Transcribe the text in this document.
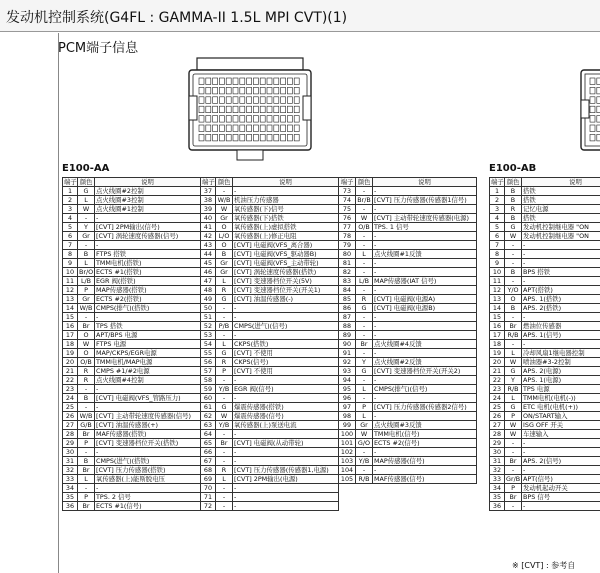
发动机控制系统(G4FL : GAMMA-II 1.5L MPI CVT)(1)
PCM端子信息
E100-AA	E100-AB
端子	颜色	说明	端子	颜色	说明	端子	颜色	说明
1	G	点火线圈#2控制	37	-	-	73	-	-
2	L	点火线圈#3控制	38	W/B	机油压力传感器	74	Br/B	[CVT] 压力传感器(传感器1信号)
3	W	点火线圈#1控制	39	W	氧传感器(下)信号	75	-	-
4	-	-	40	Gr	氧传感器(下)搭铁	76	W	[CVT] 主动带轮速度传感器(电源)
5	Y	[CVT] 2PM输出(信号)	41	O	氧传感器(上)虚拟搭铁	77	O/B	TPS. 1 信号
6	Gr	[CVT] 涡轮速度传感器(信号)	42	L/O	氧传感器(上)修正电阻	78	-	-
7	-	-	43	O	[CVT] 电磁阀(VFS_离合器)	79	-	-
8	B	FTPS 搭铁	44	B	[CVT] 电磁阀(VFS_驱动器B)	80	L	点火线圈#1反馈
9	L	TMM电机(搭铁)	45	Gr	[CVT] 电磁阀(VFS_主动带轮)	81	-	-
10	Br/O	ECTS #1(搭铁)	46	Gr	[CVT] 涡轮速度传感器(搭铁)	82	-	-
11	L/B	EGR 阀(搭铁)	47	L	[CVT] 变速器档位开关(5V)	83	L/B	MAP传感器(IAT 信号)
12	P	MAP传感器(搭铁)	48	R	[CVT] 变速器档位开关(开关1)	84	-	-
13	Gr	ECTS #2(搭铁)	49	G	[CVT] 油温传感器(-)	85	R	[CVT] 电磁阀(电源A)
14	W/B	CMPS(排气)(搭铁)	50	-	-	86	G	[CVT] 电磁阀(电源B)
15	-	-	51	-	-	87	-	-
16	Br	TPS 搭铁	52	P/B	CMPS(进气)(信号)	88	-	-
17	O	APT/BPS 电源	53	-	-	89	-	-
18	W	FTPS 电源	54	L	CKPS(搭铁)	90	Br	点火线圈#4反馈
19	O	MAP/CKPS/EGR电源	55	G	[CVT] 不使用	91	-	-
20	O/B	TMM电机/MAP电源	56	R	CKPS(信号)	92	Y	点火线圈#2反馈
21	R	CMPS #1/#2电源	57	P	[CVT] 不使用	93	G	[CVT] 变速器档位开关(开关2)
22	R	点火线圈#4控制	58	-	-	94	-	-
23	-	-	59	Y/B	EGR 阀(信号)	95	L	CMPS(排气)(信号)
24	B	[CVT] 电磁阀(VFS_管路压力)	60	-	-	96	-	-
25	-	-	61	G	爆震传感器(搭铁)	97	P	[CVT] 压力传感器(传感器2信号)
26	W/B	[CVT] 主动带轮速度传感器(信号)	62	W	爆震传感器(信号)	98	L	-
27	G/B	[CVT] 油温传感器(+)	63	Y/B	氧传感器(上)泵送电流	99	Gr	点火线圈#3反馈
28	Br	MAF传感器(搭铁)	64	-	-	100	W	TMM电机(信号)
29	P	[CVT] 变速器档位开关(搭铁)	65	Br	[CVT] 电磁阀(从动带轮)	101	G/O	ECTS #2(信号)
30	-	-	66	-	-	102	-	-
31	B	CMPS(进气)(搭铁)	67	-	-	103	Y/B	MAP传感器(信号)
32	Br	[CVT] 压力传感器(搭铁)	68	R	[CVT] 压力传感器(传感器1,电源)	104	-	-
33	L	氧传感器(上)能斯脱电压	69	L	[CVT] 2PM输出(电源)	105	R/B	MAF传感器(信号)
34	-	-	70	-	-			
35	P	TPS. 2 信号	71	-	-			
36	Br	ECTS #1(信号)	72	-	-			
端子	颜色	说明
1	B	搭铁
2	B	搭铁
3	R	记忆电源
4	B	搭铁
5	G	发动机控制继电器 "ON
6	W	发动机控制继电器 "ON
7	-	-
8	-	-
9	-	-
10	B	BPS 搭铁
11	-	-
12	Y/O	APT(搭铁)
13	O	APS. 1(搭铁)
14	B	APS. 2(搭铁)
15	-	-
16	Br	燃油位传感器
17	R/B	APS. 1(信号)
18	-	-
19	L	冷却风扇1继电器控制
20	W	喷油器#3-2控制
21	G	APS. 2(电源)
22	Y	APS. 1(电源)
23	R/B	TPS 电源
24	L	TMM电机(电机(-))
25	G	ETC 电机(电机(+))
26	P	ON/START输入
27	W	ISG OFF 开关
28	W	车速输入
29	-	-
30	-	-
31	Br	APS. 2(信号)
32	-	-
33	Gr/B	APT(信号)
34	P	发动机起动开关
35	Br	BPS 信号
36	-	-
※ [CVT] : 参考自
